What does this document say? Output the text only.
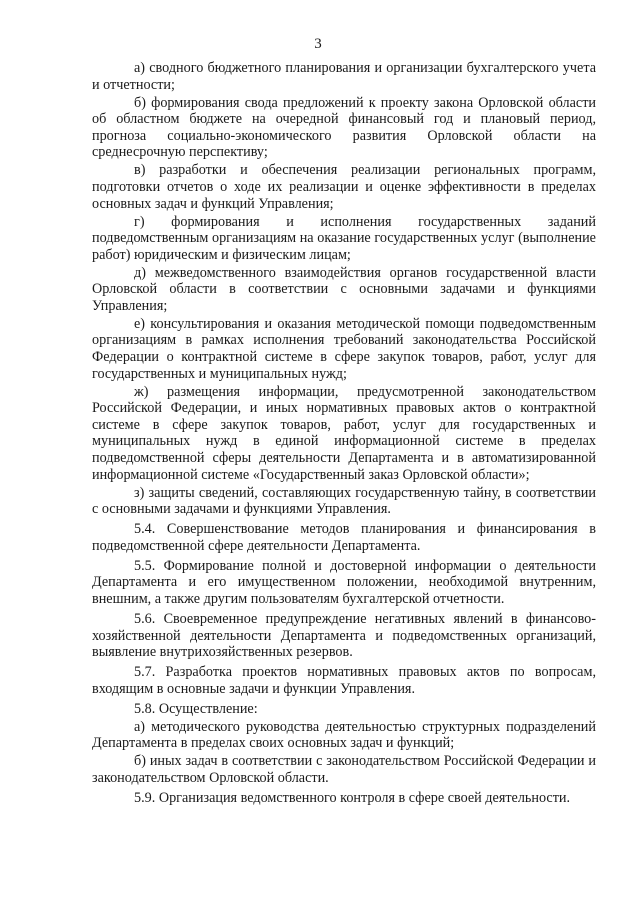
3

а) сводного бюджетного планирования и организации бухгалтерского учета и отчетности;

б) формирования свода предложений к проекту закона Орловской области об областном бюджете на очередной финансовый год и плановый период, прогноза социально-экономического развития Орловской области на среднесрочную перспективу;

в) разработки и обеспечения реализации региональных программ, подготовки отчетов о ходе их реализации и оценке эффективности в пределах основных задач и функций Управления;

г) формирования и исполнения государственных заданий подведомственным организациям на оказание государственных услуг (выполнение работ) юридическим и физическим лицам;

д) межведомственного взаимодействия органов государственной власти Орловской области в соответствии с основными задачами и функциями Управления;

е) консультирования и оказания методической помощи подведомственным организациям в рамках исполнения требований законодательства Российской Федерации о контрактной системе в сфере закупок товаров, работ, услуг для государственных и муниципальных нужд;

ж) размещения информации, предусмотренной законодательством Российской Федерации, и иных нормативных правовых актов о контрактной системе в сфере закупок товаров, работ, услуг для государственных и муниципальных нужд в единой информационной системе в пределах подведомственной сферы деятельности Департамента и в автоматизированной информационной системе «Государственный заказ Орловской области»;

з) защиты сведений, составляющих государственную тайну, в соответствии с основными задачами и функциями Управления.

5.4. Совершенствование методов планирования и финансирования в подведомственной сфере деятельности Департамента.

5.5. Формирование полной и достоверной информации о деятельности Департамента и его имущественном положении, необходимой внутренним, внешним, а также другим пользователям бухгалтерской отчетности.

5.6. Своевременное предупреждение негативных явлений в финансово-хозяйственной деятельности Департамента и подведомственных организаций, выявление внутрихозяйственных резервов.

5.7. Разработка проектов нормативных правовых актов по вопросам, входящим в основные задачи и функции Управления.

5.8. Осуществление:

а) методического руководства деятельностью структурных подразделений Департамента в пределах своих основных задач и функций;

б) иных задач в соответствии с законодательством Российской Федерации и законодательством Орловской области.

5.9. Организация ведомственного контроля в сфере своей деятельности.
